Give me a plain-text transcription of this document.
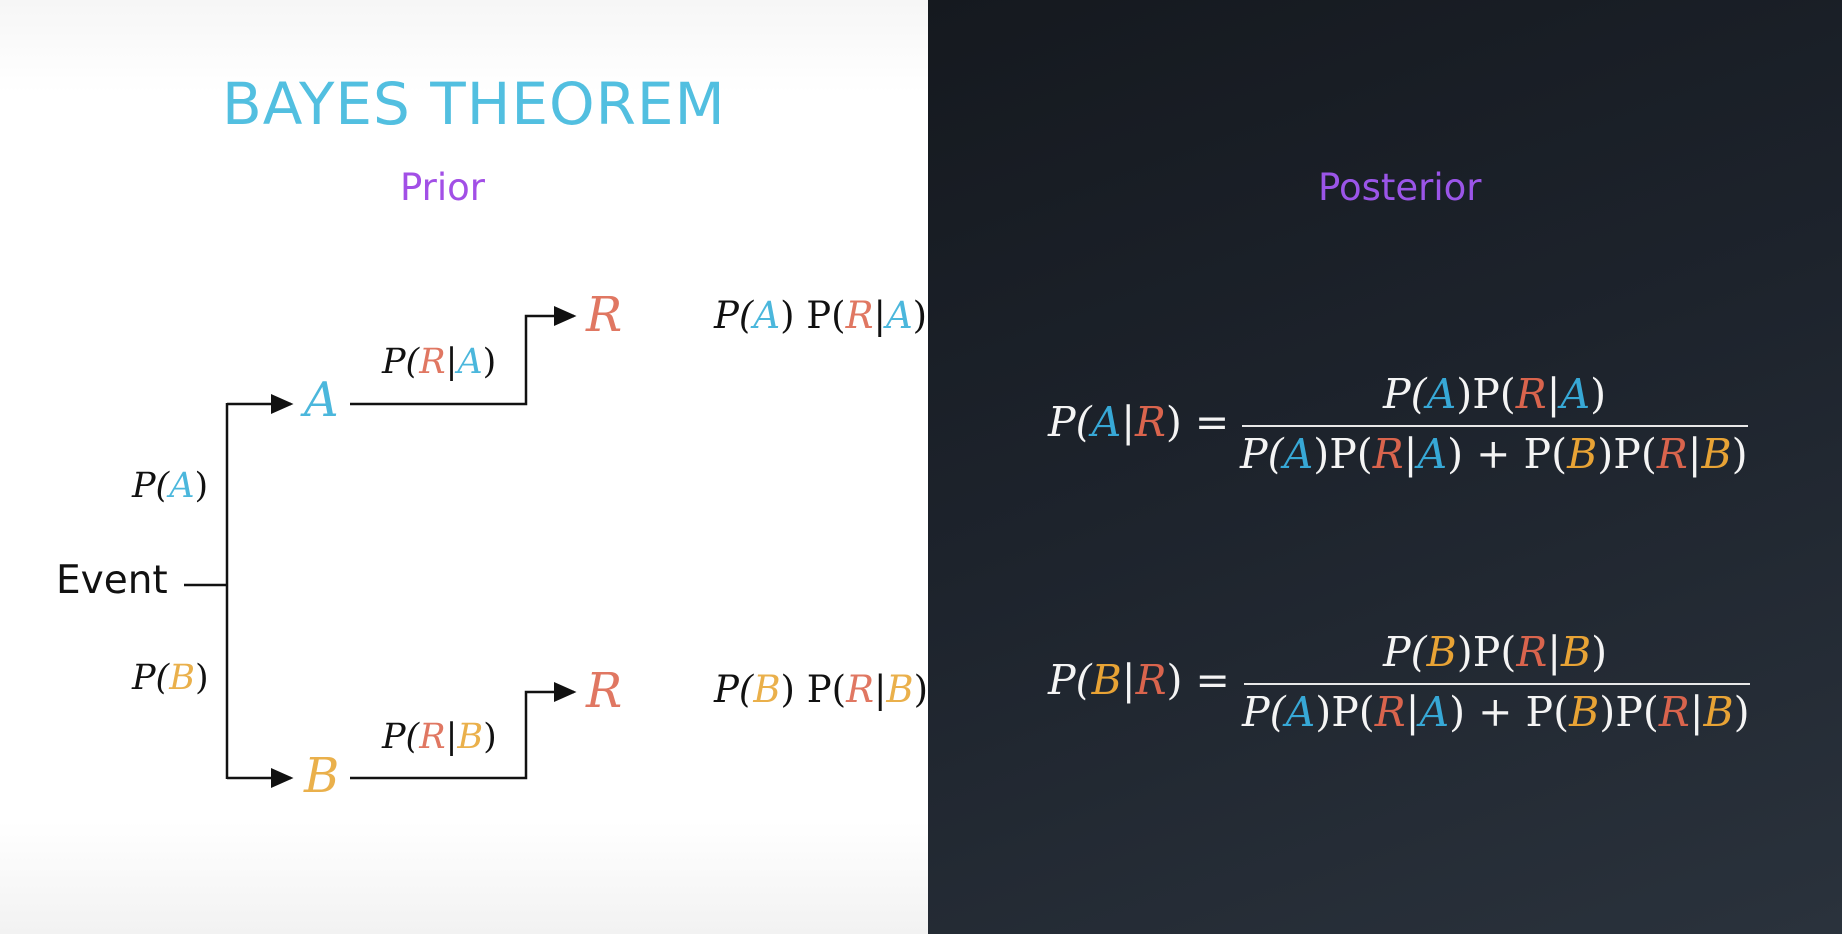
BAYES THEOREM
Prior	Posterior
Event
A
B
R
R
P(A)
P(B)
P(R|A)
P(R|B)
P(A) P(R|A)
P(B) P(R|B)
P(A|R) =
P(A)P(R|A)
P(A)P(R|A) + P(B)P(R|B)
P(B|R) =
P(B)P(R|B)
P(A)P(R|A) + P(B)P(R|B)
